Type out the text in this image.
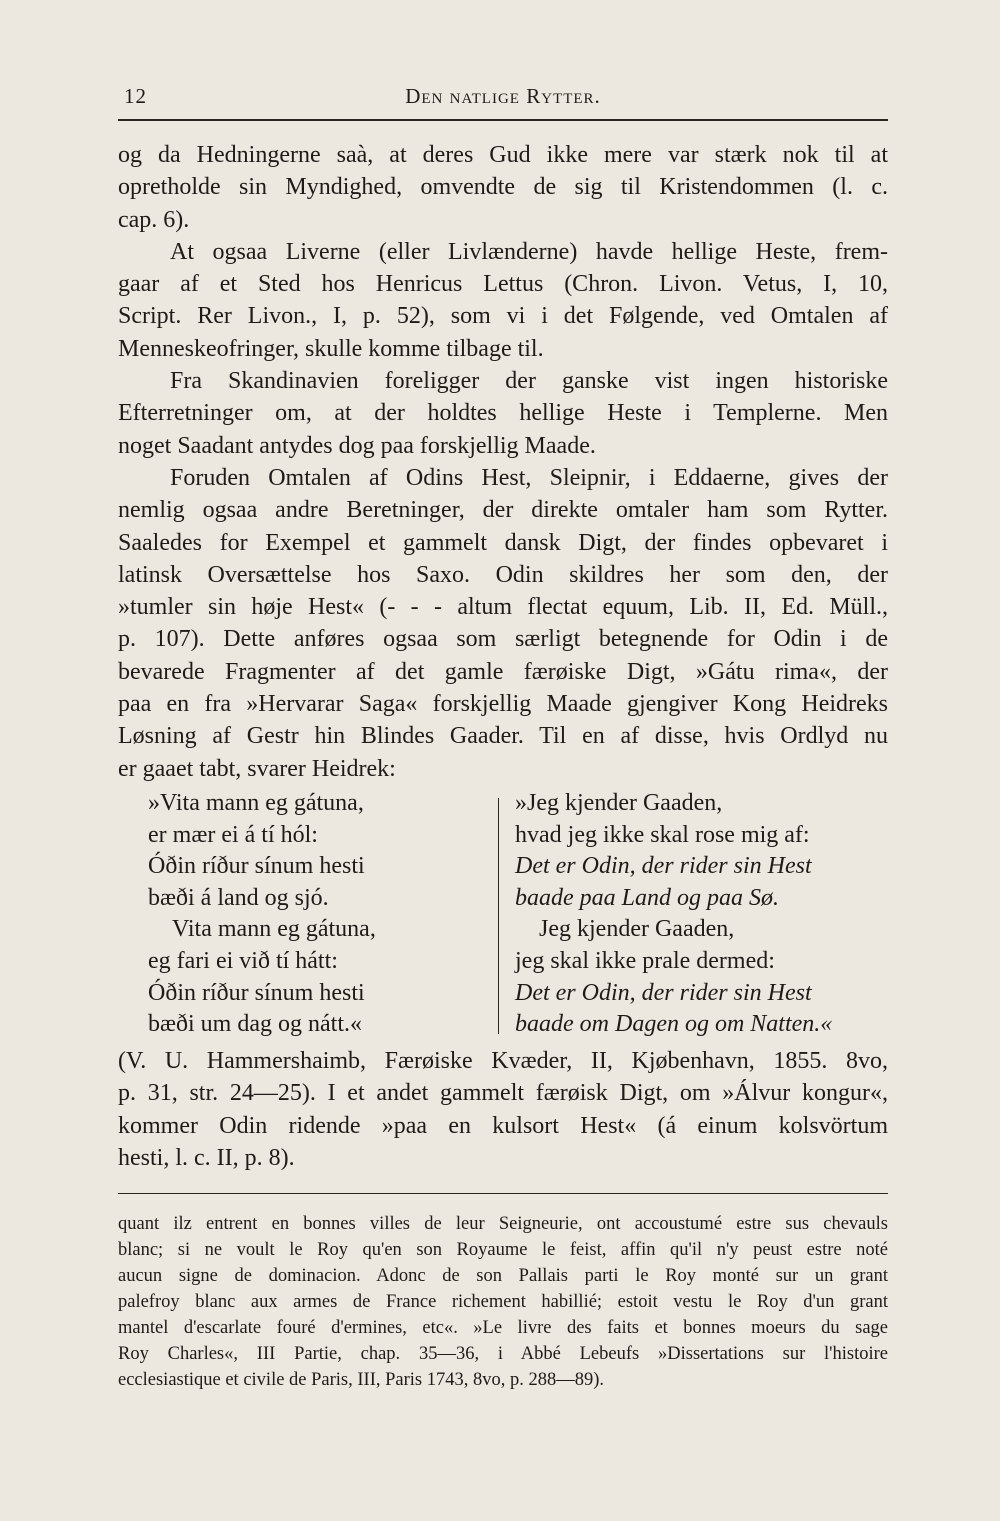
12	Den natlige Rytter.
og da Hedningerne saà, at deres Gud ikke mere var stærk nok til at
opretholde sin Myndighed, omvendte de sig til Kristendommen (l. c.
cap. 6).
At ogsaa Liverne (eller Livlænderne) havde hellige Heste, frem-
gaar af et Sted hos Henricus Lettus (Chron. Livon. Vetus, I, 10,
Script. Rer Livon., I, p. 52), som vi i det Følgende, ved Omtalen af
Menneskeofringer, skulle komme tilbage til.
Fra Skandinavien foreligger der ganske vist ingen historiske
Efterretninger om, at der holdtes hellige Heste i Templerne. Men
noget Saadant antydes dog paa forskjellig Maade.
Foruden Omtalen af Odins Hest, Sleipnir, i Eddaerne, gives der
nemlig ogsaa andre Beretninger, der direkte omtaler ham som Rytter.
Saaledes for Exempel et gammelt dansk Digt, der findes opbevaret i
latinsk Oversættelse hos Saxo. Odin skildres her som den, der
»tumler sin høje Hest« (- - - altum flectat equum, Lib. II, Ed. Müll.,
p. 107). Dette anføres ogsaa som særligt betegnende for Odin i de
bevarede Fragmenter af det gamle færøiske Digt, »Gátu rima«, der
paa en fra »Hervarar Saga« forskjellig Maade gjengiver Kong Heidreks
Løsning af Gestr hin Blindes Gaader. Til en af disse, hvis Ordlyd nu
er gaaet tabt, svarer Heidrek:
»Vita mann eg gátuna,
er mær ei á tí hól:
Óðin ríður sínum hesti
bæði á land og sjó.
Vita mann eg gátuna,
eg fari ei við tí hátt:
Óðin ríður sínum hesti
bæði um dag og nátt.«
»Jeg kjender Gaaden,
hvad jeg ikke skal rose mig af:
Det er Odin, der rider sin Hest
baade paa Land og paa Sø.
Jeg kjender Gaaden,
jeg skal ikke prale dermed:
Det er Odin, der rider sin Hest
baade om Dagen og om Natten.«
(V. U. Hammershaimb, Færøiske Kvæder, II, Kjøbenhavn, 1855. 8vo,
p. 31, str. 24—25). I et andet gammelt færøisk Digt, om »Álvur kongur«,
kommer Odin ridende »paa en kulsort Hest« (á einum kolsvörtum
hesti, l. c. II, p. 8).
quant ilz entrent en bonnes villes de leur Seigneurie, ont accoustumé estre sus chevauls
blanc; si ne voult le Roy qu'en son Royaume le feist, affin qu'il n'y peust estre noté
aucun signe de dominacion. Adonc de son Pallais parti le Roy monté sur un grant
palefroy blanc aux armes de France richement habillié; estoit vestu le Roy d'un grant
mantel d'escarlate fouré d'ermines, etc«. »Le livre des faits et bonnes moeurs du sage
Roy Charles«, III Partie, chap. 35—36, i Abbé Lebeufs »Dissertations sur l'histoire
ecclesiastique et civile de Paris, III, Paris 1743, 8vo, p. 288—89).
